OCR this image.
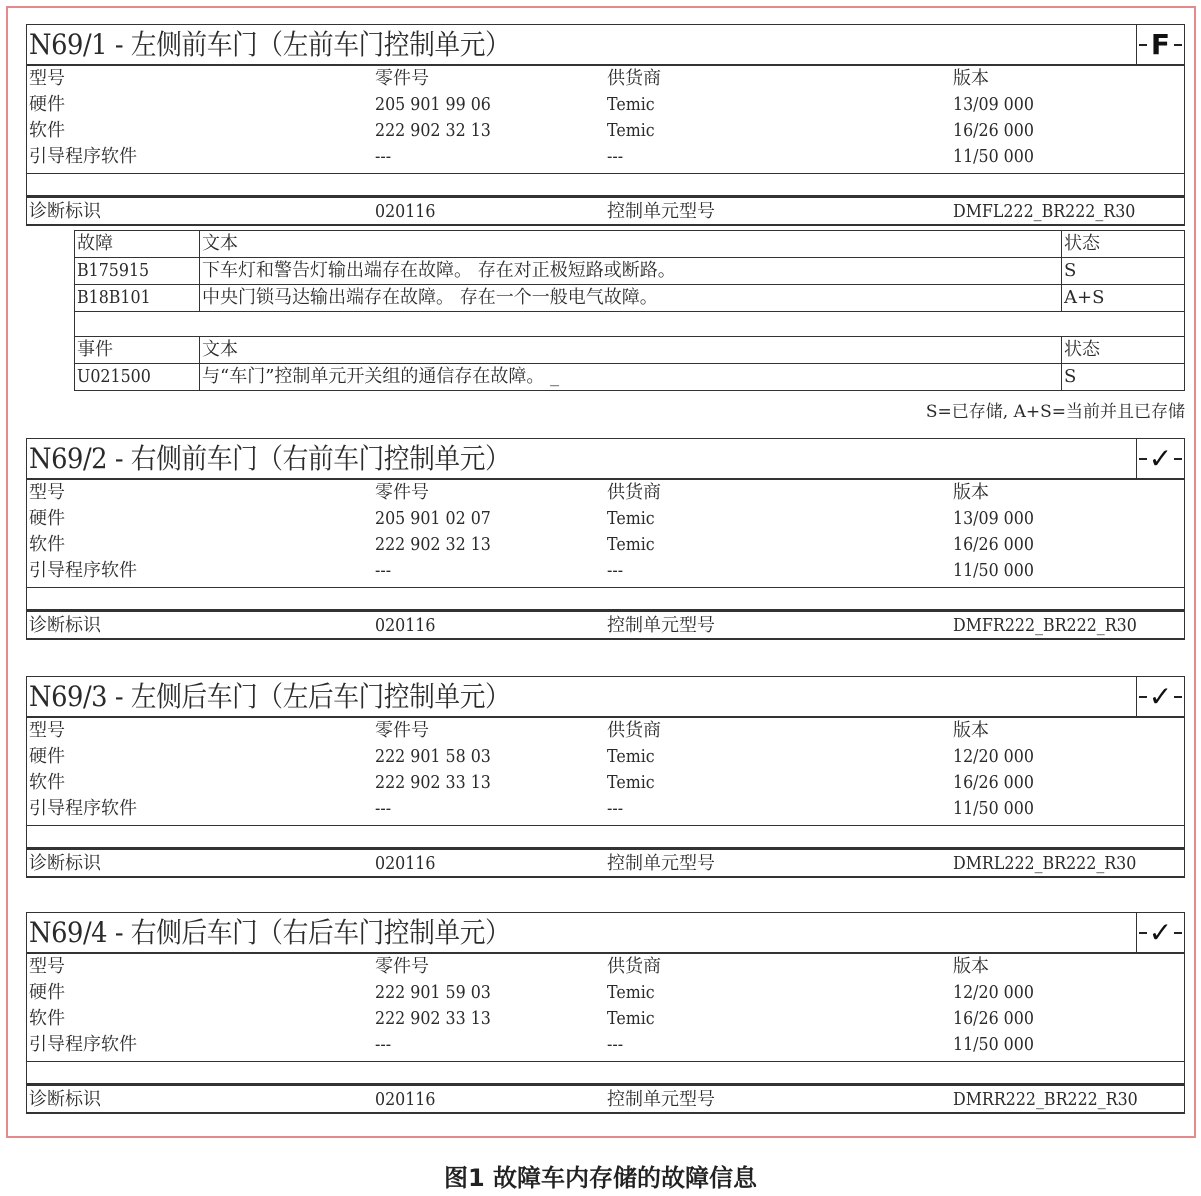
N69/1 - 左侧前车门（左前车门控制单元）	F
型号	零件号	供货商	版本
硬件	205 901 99 06	Temic	13/09 000
软件	222 902 32 13	Temic	16/26 000
引导程序软件	---	---	11/50 000
诊断标识	020116	控制单元型号	DMFL222_BR222_R30
故障	文本	状态
B175915	下车灯和警告灯输出端存在故障。 存在对正极短路或断路。	S
B18B101	中央门锁马达输出端存在故障。 存在一个一般电气故障。	A+S
事件	文本	状态
U021500	与“车门”控制单元开关组的通信存在故障。 _	S
S=已存储, A+S=当前并且已存储
N69/2 - 右侧前车门（右前车门控制单元）	✓
型号	零件号	供货商	版本
硬件	205 901 02 07	Temic	13/09 000
软件	222 902 32 13	Temic	16/26 000
引导程序软件	---	---	11/50 000
诊断标识	020116	控制单元型号	DMFR222_BR222_R30
N69/3 - 左侧后车门（左后车门控制单元）	✓
型号	零件号	供货商	版本
硬件	222 901 58 03	Temic	12/20 000
软件	222 902 33 13	Temic	16/26 000
引导程序软件	---	---	11/50 000
诊断标识	020116	控制单元型号	DMRL222_BR222_R30
N69/4 - 右侧后车门（右后车门控制单元）	✓
型号	零件号	供货商	版本
硬件	222 901 59 03	Temic	12/20 000
软件	222 902 33 13	Temic	16/26 000
引导程序软件	---	---	11/50 000
诊断标识	020116	控制单元型号	DMRR222_BR222_R30
图1 故障车内存储的故障信息
